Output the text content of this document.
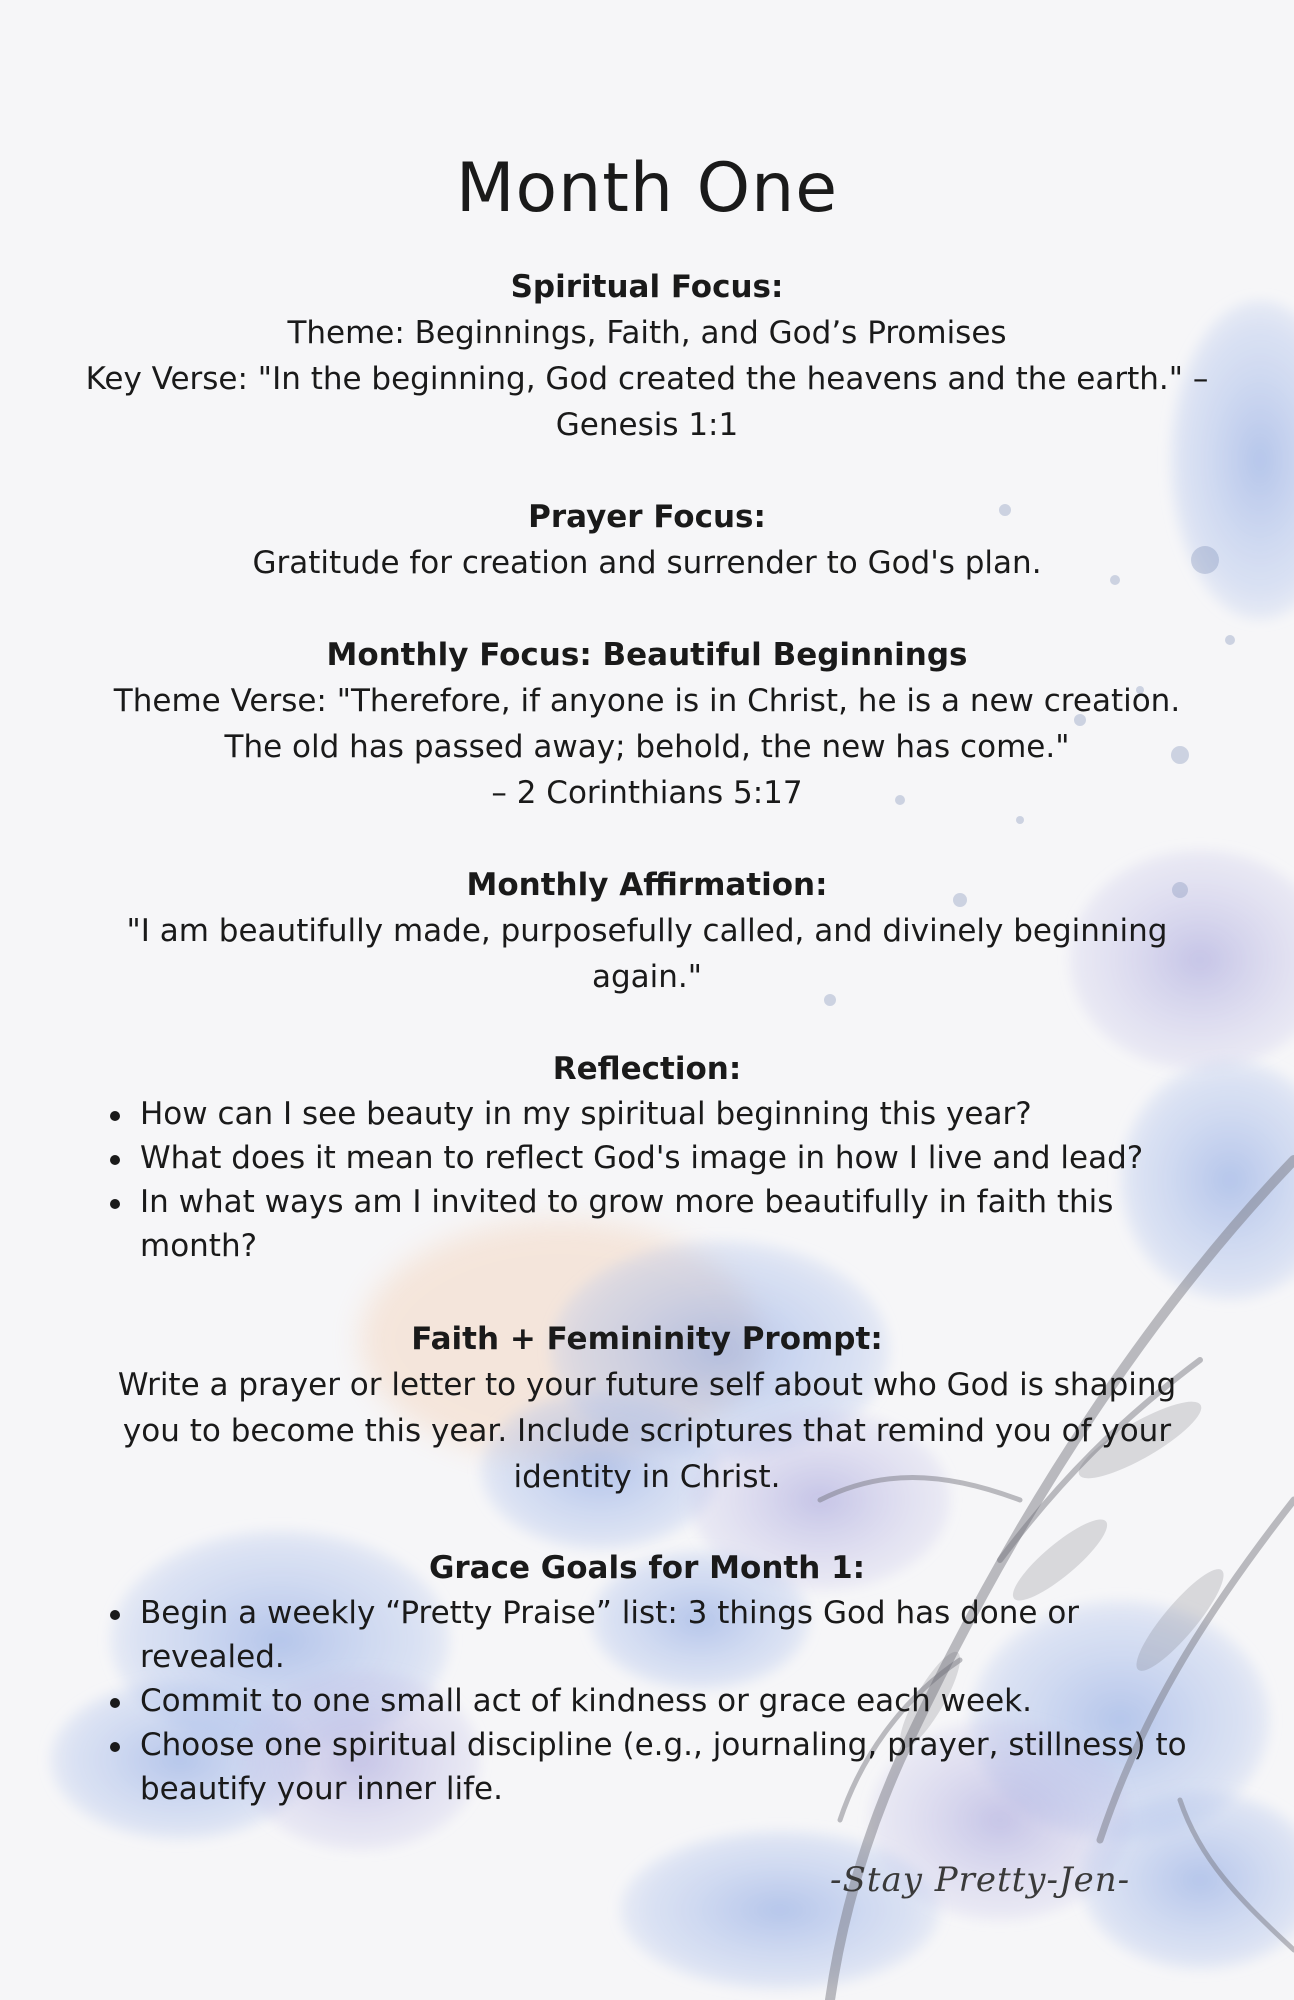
Month One

Spiritual Focus:

Theme: Beginnings, Faith, and God’s Promises

Key Verse: "In the beginning, God created the heavens and the earth." –

Genesis 1:1

Prayer Focus:

Gratitude for creation and surrender to God's plan.

Monthly Focus: Beautiful Beginnings

Theme Verse: "Therefore, if anyone is in Christ, he is a new creation.

The old has passed away; behold, the new has come."

– 2 Corinthians 5:17

Monthly Affirmation:

"I am beautifully made, purposefully called, and divinely beginning

again."

Reflection:

How can I see beauty in my spiritual beginning this year?
What does it mean to reflect God's image in how I live and lead?
In what ways am I invited to grow more beautifully in faith this month?

Faith + Femininity Prompt:

Write a prayer or letter to your future self about who God is shaping

you to become this year. Include scriptures that remind you of your

identity in Christ.

Grace Goals for Month 1:

Begin a weekly “Pretty Praise” list: 3 things God has done or revealed.
Commit to one small act of kindness or grace each week.
Choose one spiritual discipline (e.g., journaling, prayer, stillness) to beautify your inner life.
-Stay Pretty-Jen-
